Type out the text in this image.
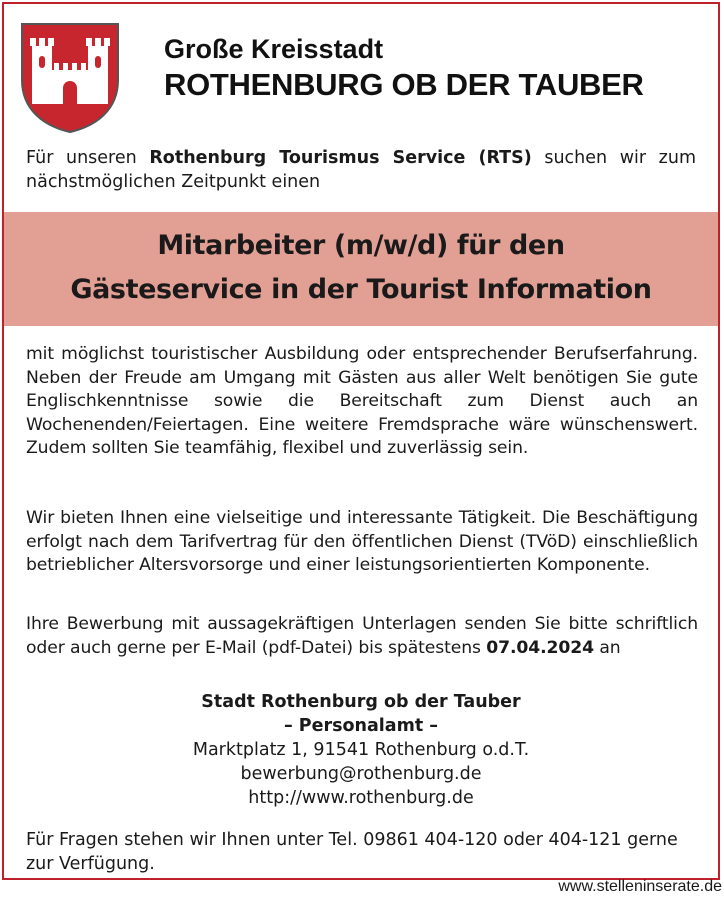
Große Kreisstadt
ROTHENBURG OB DER TAUBER
Für unseren Rothenburg Tourismus Service (RTS) suchen wir zum nächstmöglichen Zeitpunkt einen
Mitarbeiter (m/w/d) für den
Gästeservice in der Tourist Information
mit möglichst touristischer Ausbildung oder entsprechender Berufserfahrung. Neben der Freude am Umgang mit Gästen aus aller Welt benötigen Sie gute Englischkenntnisse sowie die Bereitschaft zum Dienst auch an Wochenenden/Feiertagen. Eine weitere Fremdsprache wäre wünschenswert. Zudem sollten Sie teamfähig, flexibel und zuverlässig sein.
Wir bieten Ihnen eine vielseitige und interessante Tätigkeit. Die Beschäftigung erfolgt nach dem Tarifvertrag für den öffentlichen Dienst (TVöD) einschließlich betrieblicher Altersvorsorge und einer leistungsorientierten Komponente.
Ihre Bewerbung mit aussagekräftigen Unterlagen senden Sie bitte schriftlich oder auch gerne per E-Mail (pdf-Datei) bis spätestens 07.04.2024 an
Stadt Rothenburg ob der Tauber
– Personalamt –
Marktplatz 1, 91541 Rothenburg o.d.T.
bewerbung@rothenburg.de
http://www.rothenburg.de
Für Fragen stehen wir Ihnen unter Tel. 09861 404-120 oder 404-121 gerne zur Verfügung.
www.stelleninserate.de
